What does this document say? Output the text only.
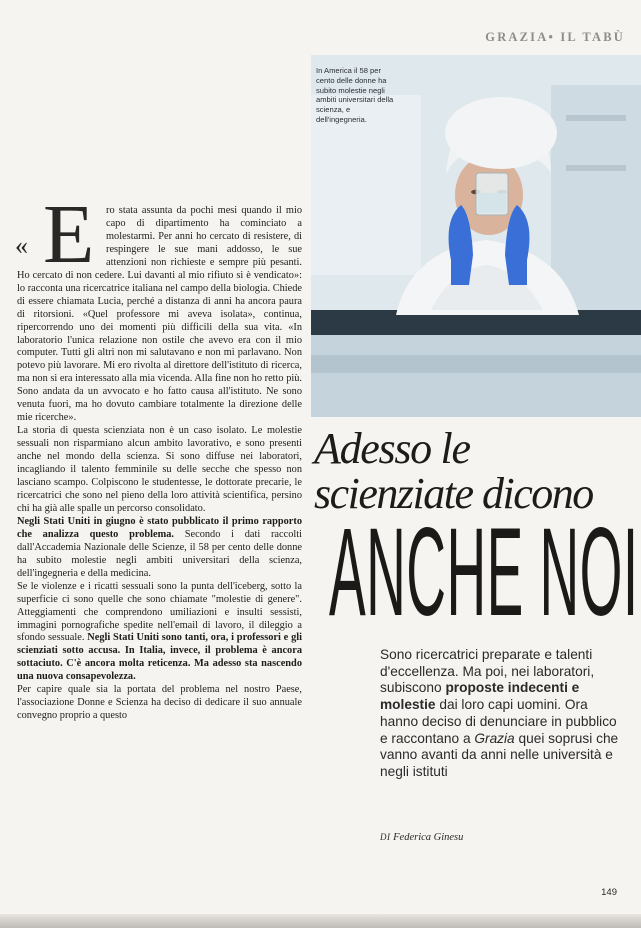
GRAZIA• IL TABÙ
In America il 58 per cento delle donne ha subito molestie negli ambiti universitari della scienza, e dell'ingegneria.
« E	ro stata assunta da pochi mesi quando il mio capo di dipartimento ha cominciato a molestarmi. Per anni ho cercato di resistere, di respingere le sue mani addosso, le sue attenzioni non richieste e sempre più pesanti. Ho cercato di non cedere. Lui davanti al mio rifiuto si è vendicato»: lo racconta una ricercatrice italiana nel campo della biologia. Chiede di essere chiamata Lucia, perché a distanza di anni ha ancora paura di ritorsioni. «Quel professore mi aveva isolata», continua, ripercorrendo uno dei momenti più difficili della sua vita. «In laboratorio l'unica relazione non ostile che avevo era con il mio computer. Tutti gli altri non mi salutavano e non mi parlavano. Non potevo più lavorare. Mi ero rivolta al direttore dell'istituto di ricerca, ma non si era interessato alla mia vicenda. Alla fine non ho retto più. Sono andata da un avvocato e ho fatto causa all'istituto. Ne sono venuta fuori, ma ho dovuto cambiare totalmente la direzione delle mie ricerche».

La storia di questa scienziata non è un caso isolato. Le molestie sessuali non risparmiano alcun ambito lavorativo, e sono presenti anche nel mondo della scienza. Si sono diffuse nei laboratori, incagliando il talento femminile su delle secche che spesso non lasciano scampo. Colpiscono le studentesse, le dottorate precarie, le ricercatrici che sono nel pieno della loro attività scientifica, persino chi ha già alle spalle un percorso consolidato.

Negli Stati Uniti in giugno è stato pubblicato il primo rapporto che analizza questo problema. Secondo i dati raccolti dall'Accademia Nazionale delle Scienze, il 58 per cento delle donne ha subito molestie negli ambiti universitari della scienza, dell'ingegneria e della medicina.

Se le violenze e i ricatti sessuali sono la punta dell'iceberg, sotto la superficie ci sono quelle che sono chiamate "molestie di genere". Atteggiamenti che comprendono umiliazioni e insulti sessisti, immagini pornografiche spedite nell'email di lavoro, il dileggio a sfondo sessuale. Negli Stati Uniti sono tanti, ora, i professori e gli scienziati sotto accusa. In Italia, invece, il problema è ancora sottaciuto. C'è ancora molta reticenza. Ma adesso sta nascendo una nuova consapevolezza.

Per capire quale sia la portata del problema nel nostro Paese, l'associazione Donne e Scienza ha deciso di dedicare il suo annuale convegno proprio a questo

Adesso le
scienziate dicono
ANCHE NOI
Sono ricercatrici preparate e talenti d'eccellenza. Ma poi, nei laboratori, subiscono proposte indecenti e molestie dai loro capi uomini. Ora hanno deciso di denunciare in pubblico e raccontano a Grazia quei soprusi che vanno avanti da anni nelle università e negli istituti
DI Federica Ginesu
149
